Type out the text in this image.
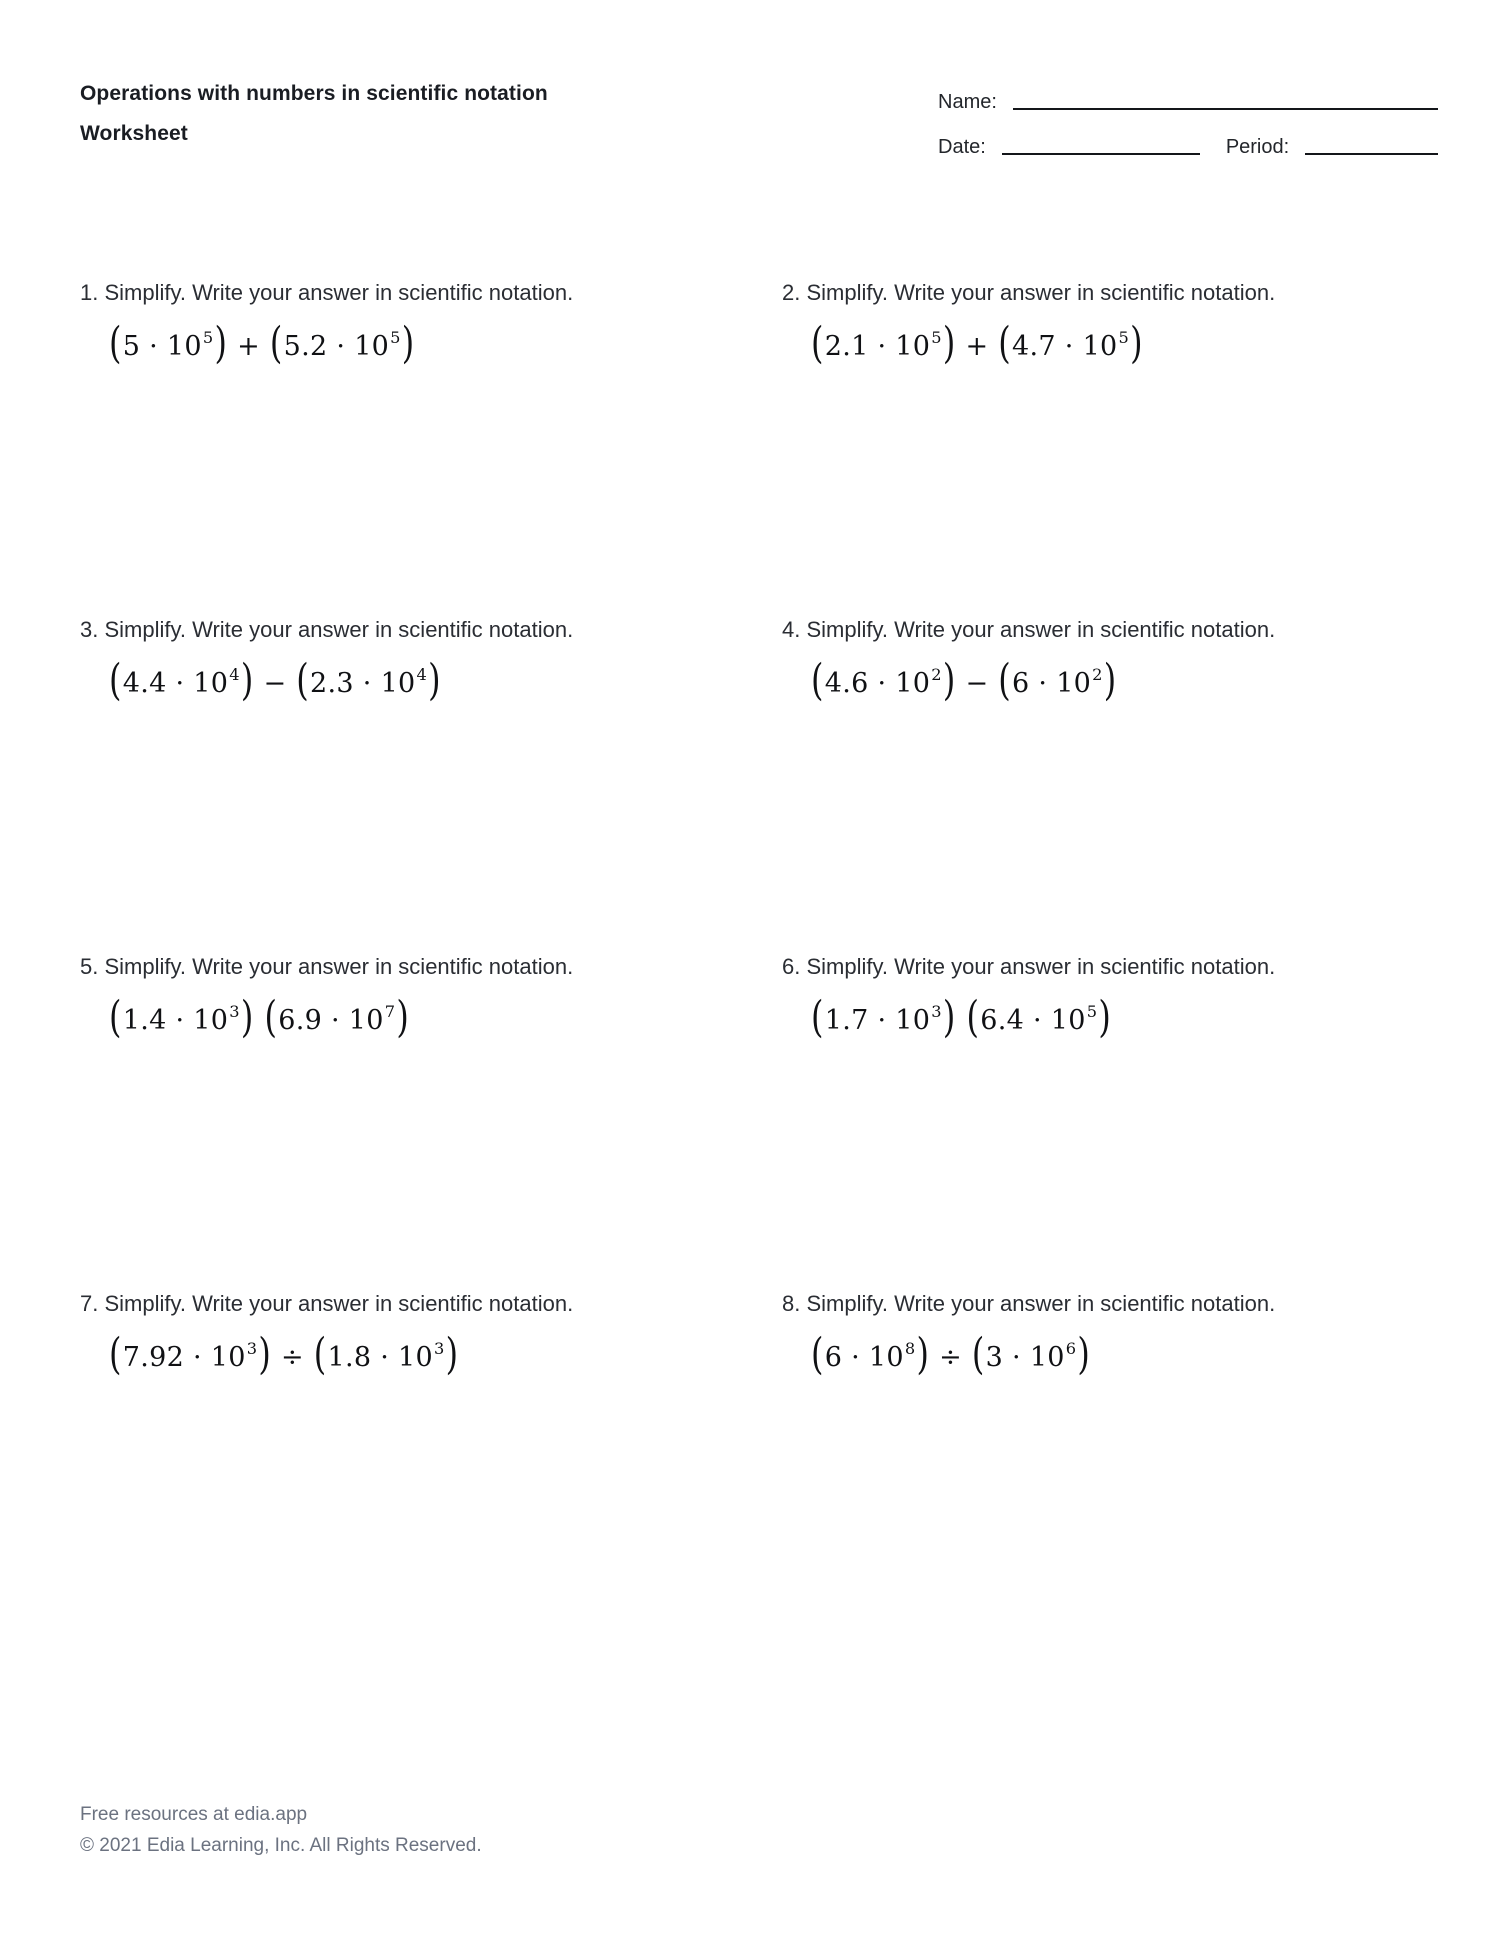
Operations with numbers in scientific notation
Worksheet
Name:
Date:	Period:
1. Simplify. Write your answer in scientific notation.
$(5 \cdot 10^5) + (5.2 \cdot 10^5)$
2. Simplify. Write your answer in scientific notation.
$(2.1 \cdot 10^5) + (4.7 \cdot 10^5)$
3. Simplify. Write your answer in scientific notation.
$(4.4 \cdot 10^4) - (2.3 \cdot 10^4)$
4. Simplify. Write your answer in scientific notation.
$(4.6 \cdot 10^2) - (6 \cdot 10^2)$
5. Simplify. Write your answer in scientific notation.
$(1.4 \cdot 10^3)$ $(6.9 \cdot 10^7)$
6. Simplify. Write your answer in scientific notation.
$(1.7 \cdot 10^3)$ $(6.4 \cdot 10^5)$
7. Simplify. Write your answer in scientific notation.
$(7.92 \cdot 10^3) \div (1.8 \cdot 10^3)$
8. Simplify. Write your answer in scientific notation.
$(6 \cdot 10^8) \div (3 \cdot 10^6)$
Free resources at edia.app
© 2021 Edia Learning, Inc. All Rights Reserved.
